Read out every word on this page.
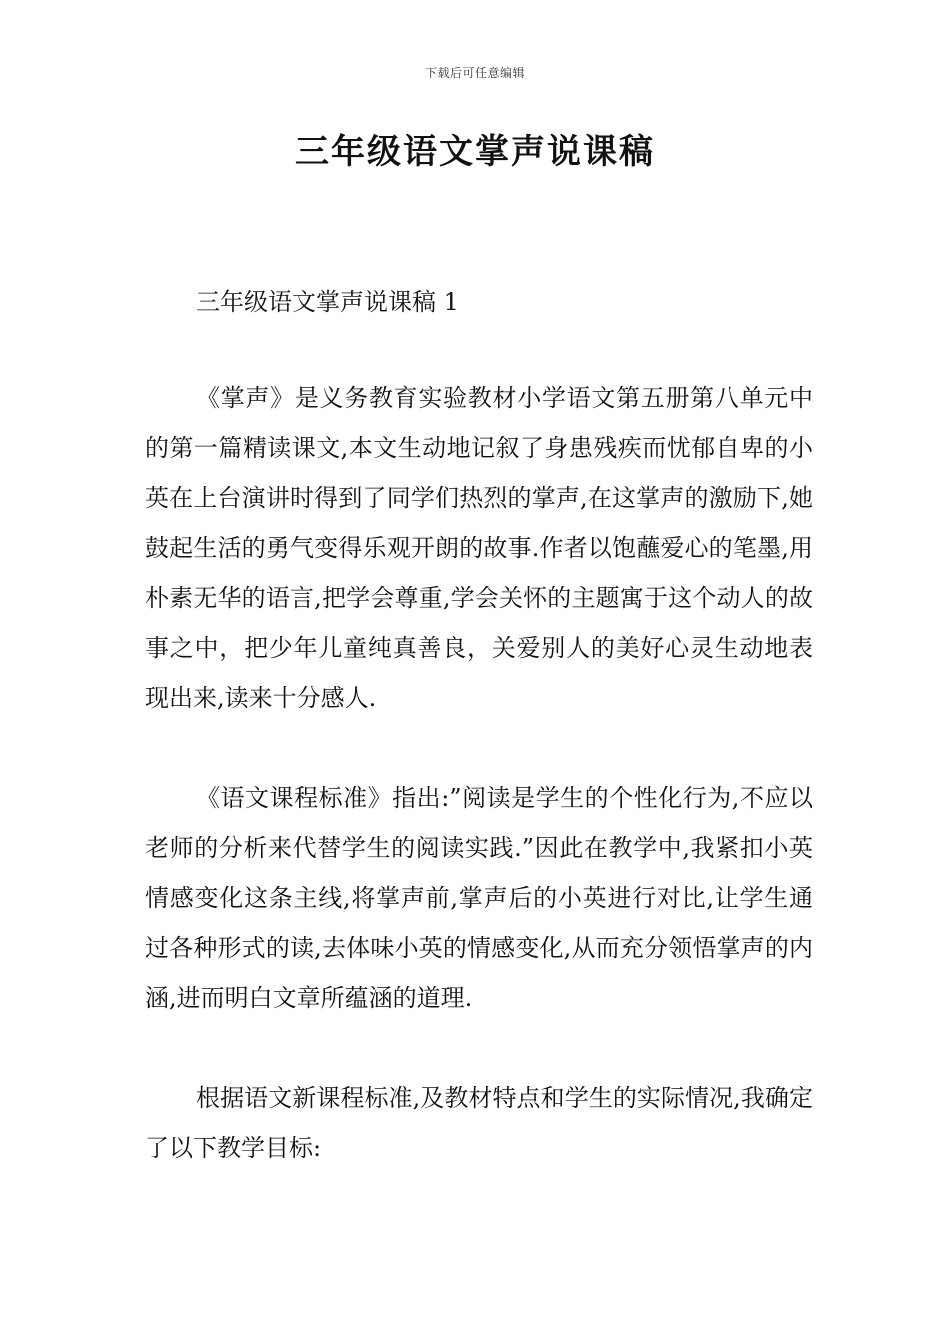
下载后可任意编辑
三年级语文掌声说课稿
三年级语文掌声说课稿 1

《掌声》是义务教育实验教材小学语文第五册第八单元中的第一篇精读课文,本文生动地记叙了身患残疾而忧郁自卑的小英在上台演讲时得到了同学们热烈的掌声,在这掌声的激励下,她鼓起生活的勇气变得乐观开朗的故事.作者以饱蘸爱心的笔墨,用朴素无华的语言,把学会尊重,学会关怀的主题寓于这个动人的故事之中，把少年儿童纯真善良，关爱别人的美好心灵生动地表现出来,读来十分感人.

《语文课程标准》指出:”阅读是学生的个性化行为,不应以老师的分析来代替学生的阅读实践.”因此在教学中,我紧扣小英情感变化这条主线,将掌声前,掌声后的小英进行对比,让学生通过各种形式的读,去体味小英的情感变化,从而充分领悟掌声的内涵,进而明白文章所蕴涵的道理.

根据语文新课程标准,及教材特点和学生的实际情况,我确定了以下教学目标:
